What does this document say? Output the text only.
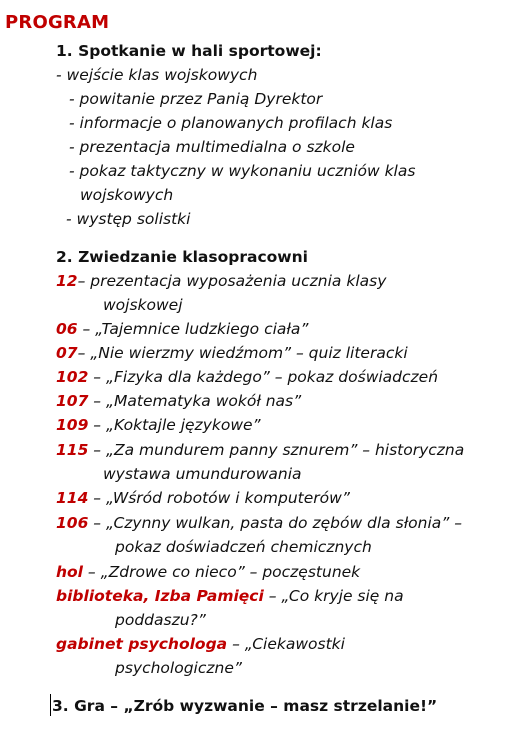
PROGRAM
1. Spotkanie w hali sportowej:
- wejście klas wojskowych
- powitanie przez Panią Dyrektor
- informacje o planowanych profilach klas
- prezentacja multimedialna o szkole
- pokaz taktyczny w wykonaniu uczniów klas
wojskowych
- występ solistki
2. Zwiedzanie klasopracowni
12– prezentacja wyposażenia ucznia klasy
wojskowej
06 – „Tajemnice ludzkiego ciała”
07– „Nie wierzmy wiedźmom” – quiz literacki
102 – „Fizyka dla każdego” – pokaz doświadczeń
107 – „Matematyka wokół nas”
109 – „Koktajle językowe”
115 – „Za mundurem panny sznurem” – historyczna
wystawa umundurowania
114 – „Wśród robotów i komputerów”
106 – „Czynny wulkan, pasta do zębów dla słonia” –
pokaz doświadczeń chemicznych
hol – „Zdrowe co nieco” – poczęstunek
biblioteka, Izba Pamięci – „Co kryje się na
poddaszu?”
gabinet psychologa – „Ciekawostki
psychologiczne”
3. Gra – „Zrób wyzwanie – masz strzelanie!”
